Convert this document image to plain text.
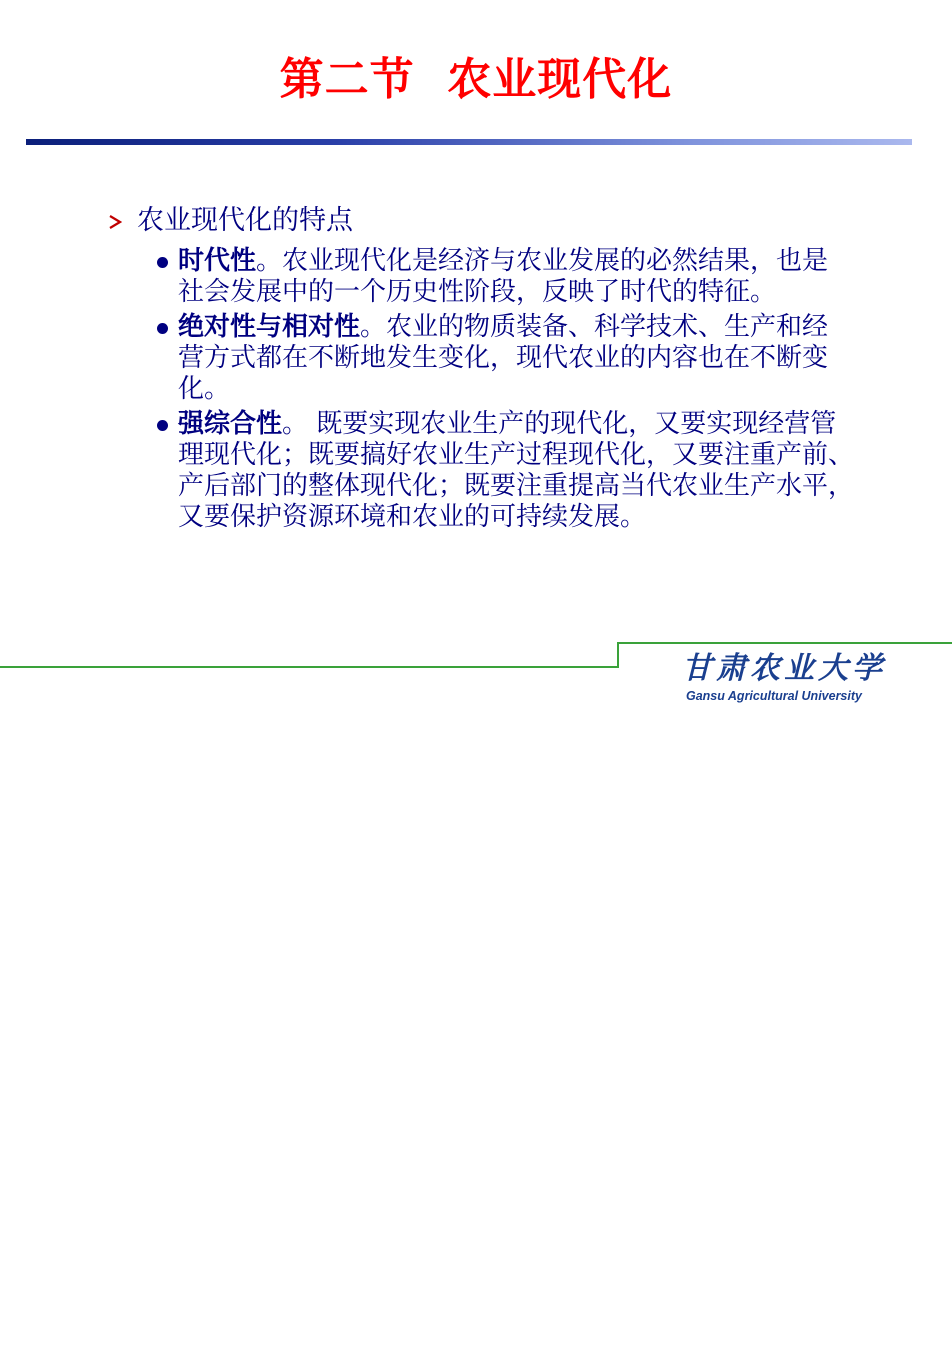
第二节  农业现代化
农业现代化的特点
时代性。农业现代化是经济与农业发展的必然结果，也是社会发展中的一个历史性阶段，反映了时代的特征。
绝对性与相对性。农业的物质装备、科学技术、生产和经营方式都在不断地发生变化，现代农业的内容也在不断变化。
强综合性。 既要实现农业生产的现代化，又要实现经营管理现代化；既要搞好农业生产过程现代化，又要注重产前、产后部门的整体现代化；既要注重提高当代农业生产水平，又要保护资源环境和农业的可持续发展。
甘肃农业大学
Gansu Agricultural University
